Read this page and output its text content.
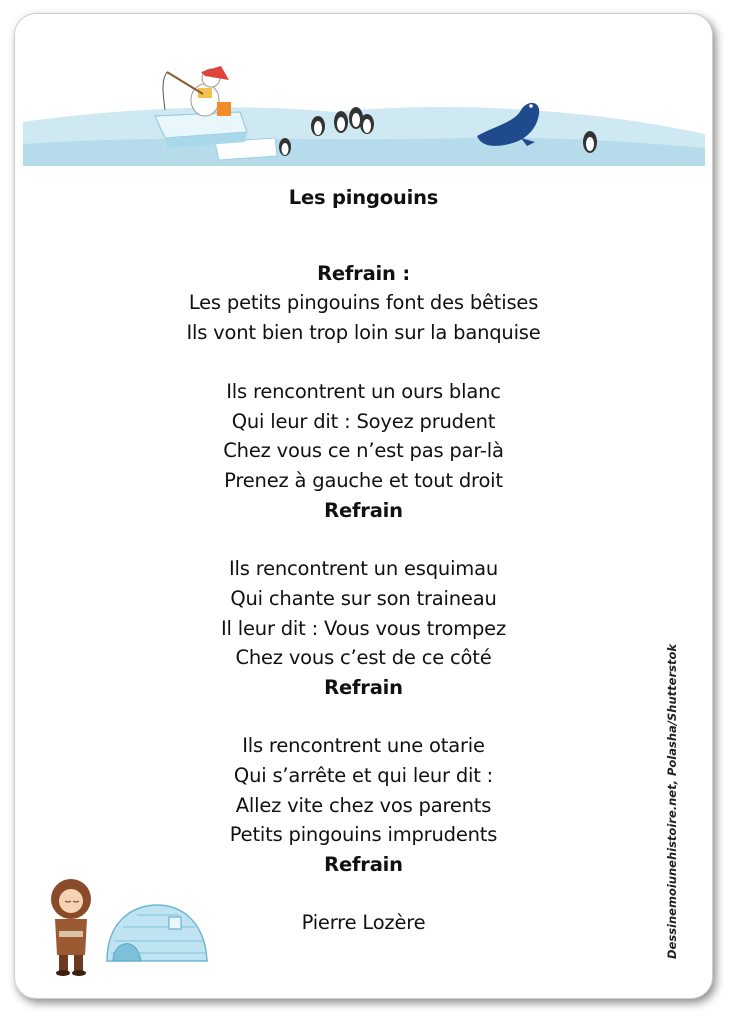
Les pingouins
Refrain :
Les petits pingouins font des bêtises
Ils vont bien trop loin sur la banquise
Ils rencontrent un ours blanc
Qui leur dit : Soyez prudent
Chez vous ce n’est pas par-là
Prenez à gauche et tout droit
Refrain
Ils rencontrent un esquimau
Qui chante sur son traineau
Il leur dit : Vous vous trompez
Chez vous c’est de ce côté
Refrain
Ils rencontrent une otarie
Qui s’arrête et qui leur dit :
Allez vite chez vos parents
Petits pingouins imprudents
Refrain
Pierre Lozère	Dessinemoiunehistoire.net, Polasha/Shutterstok
